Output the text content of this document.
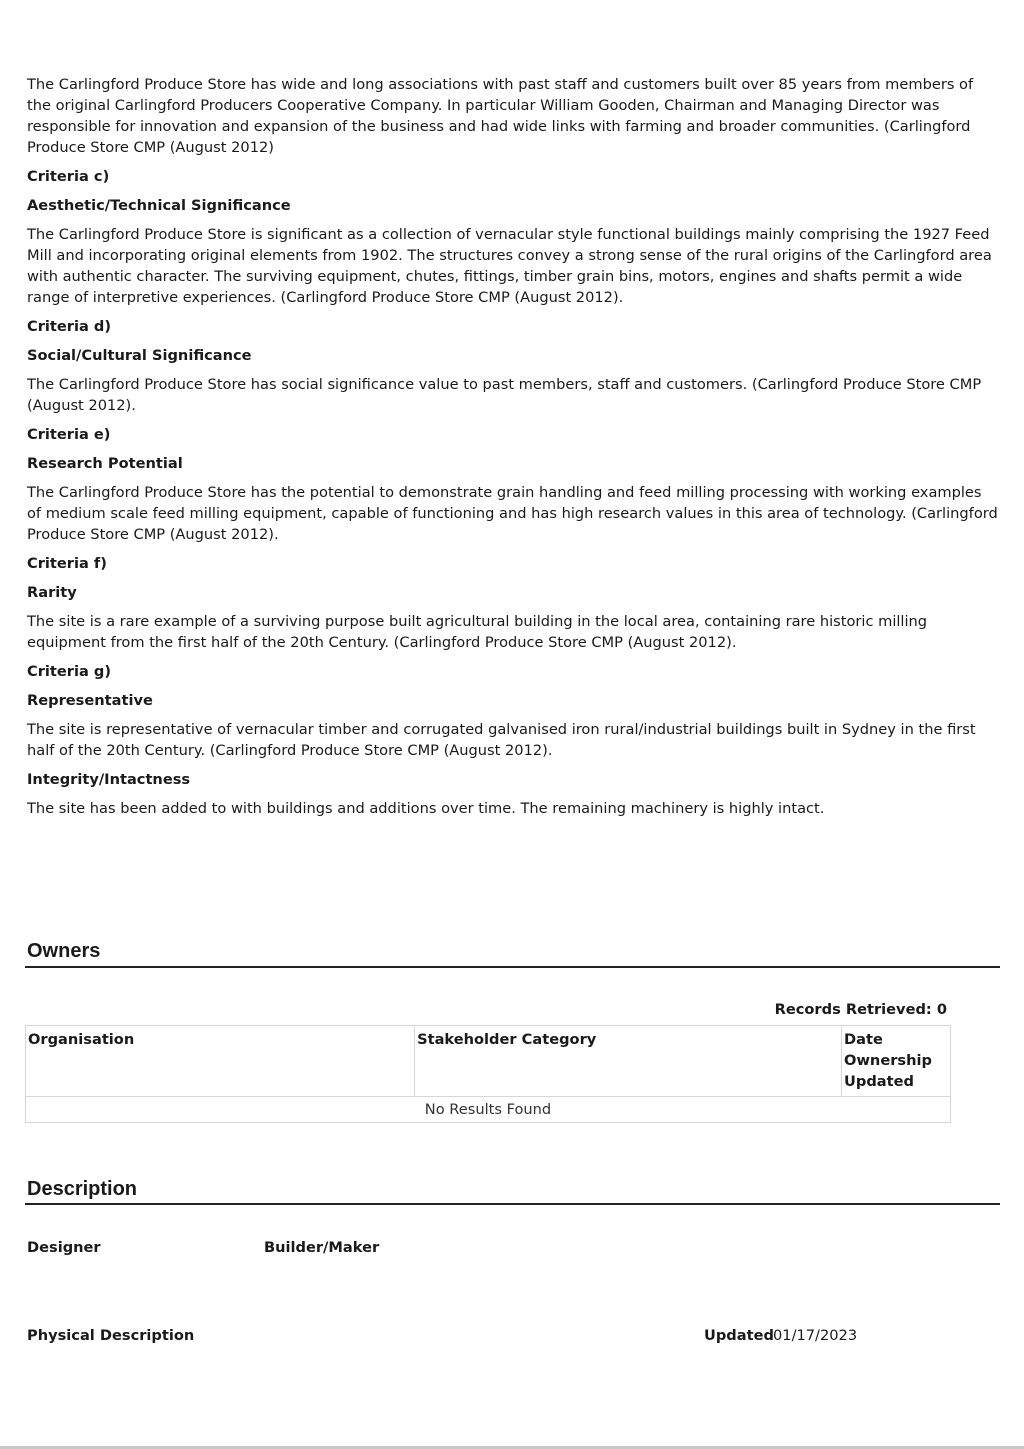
The Carlingford Produce Store has wide and long associations with past staff and customers built over 85 years from members of the original Carlingford Producers Cooperative Company. In particular William Gooden, Chairman and Managing Director was responsible for innovation and expansion of the business and had wide links with farming and broader communities. (Carlingford Produce Store CMP (August 2012)

Criteria c)
Aesthetic/Technical Significance

The Carlingford Produce Store is significant as a collection of vernacular style functional buildings mainly comprising the 1927 Feed Mill and incorporating original elements from 1902. The structures convey a strong sense of the rural origins of the Carlingford area with authentic character. The surviving equipment, chutes, fittings, timber grain bins, motors, engines and shafts permit a wide range of interpretive experiences. (Carlingford Produce Store CMP (August 2012).

Criteria d)
Social/Cultural Significance

The Carlingford Produce Store has social significance value to past members, staff and customers. (Carlingford Produce Store CMP (August 2012).

Criteria e)
Research Potential

The Carlingford Produce Store has the potential to demonstrate grain handling and feed milling processing with working examples of medium scale feed milling equipment, capable of functioning and has high research values in this area of technology. (Carlingford Produce Store CMP (August 2012).

Criteria f)
Rarity

The site is a rare example of a surviving purpose built agricultural building in the local area, containing rare historic milling equipment from the first half of the 20th Century. (Carlingford Produce Store CMP (August 2012).

Criteria g)
Representative

The site is representative of vernacular timber and corrugated galvanised iron rural/industrial buildings built in Sydney in the first half of the 20th Century. (Carlingford Produce Store CMP (August 2012).

Integrity/Intactness

The site has been added to with buildings and additions over time. The remaining machinery is highly intact.

Owners
Records Retrieved: 0
Organisation	Stakeholder Category	Date Ownership Updated
No Results Found
Description
Designer	Builder/Maker
Physical Description	Updated 01/17/2023
